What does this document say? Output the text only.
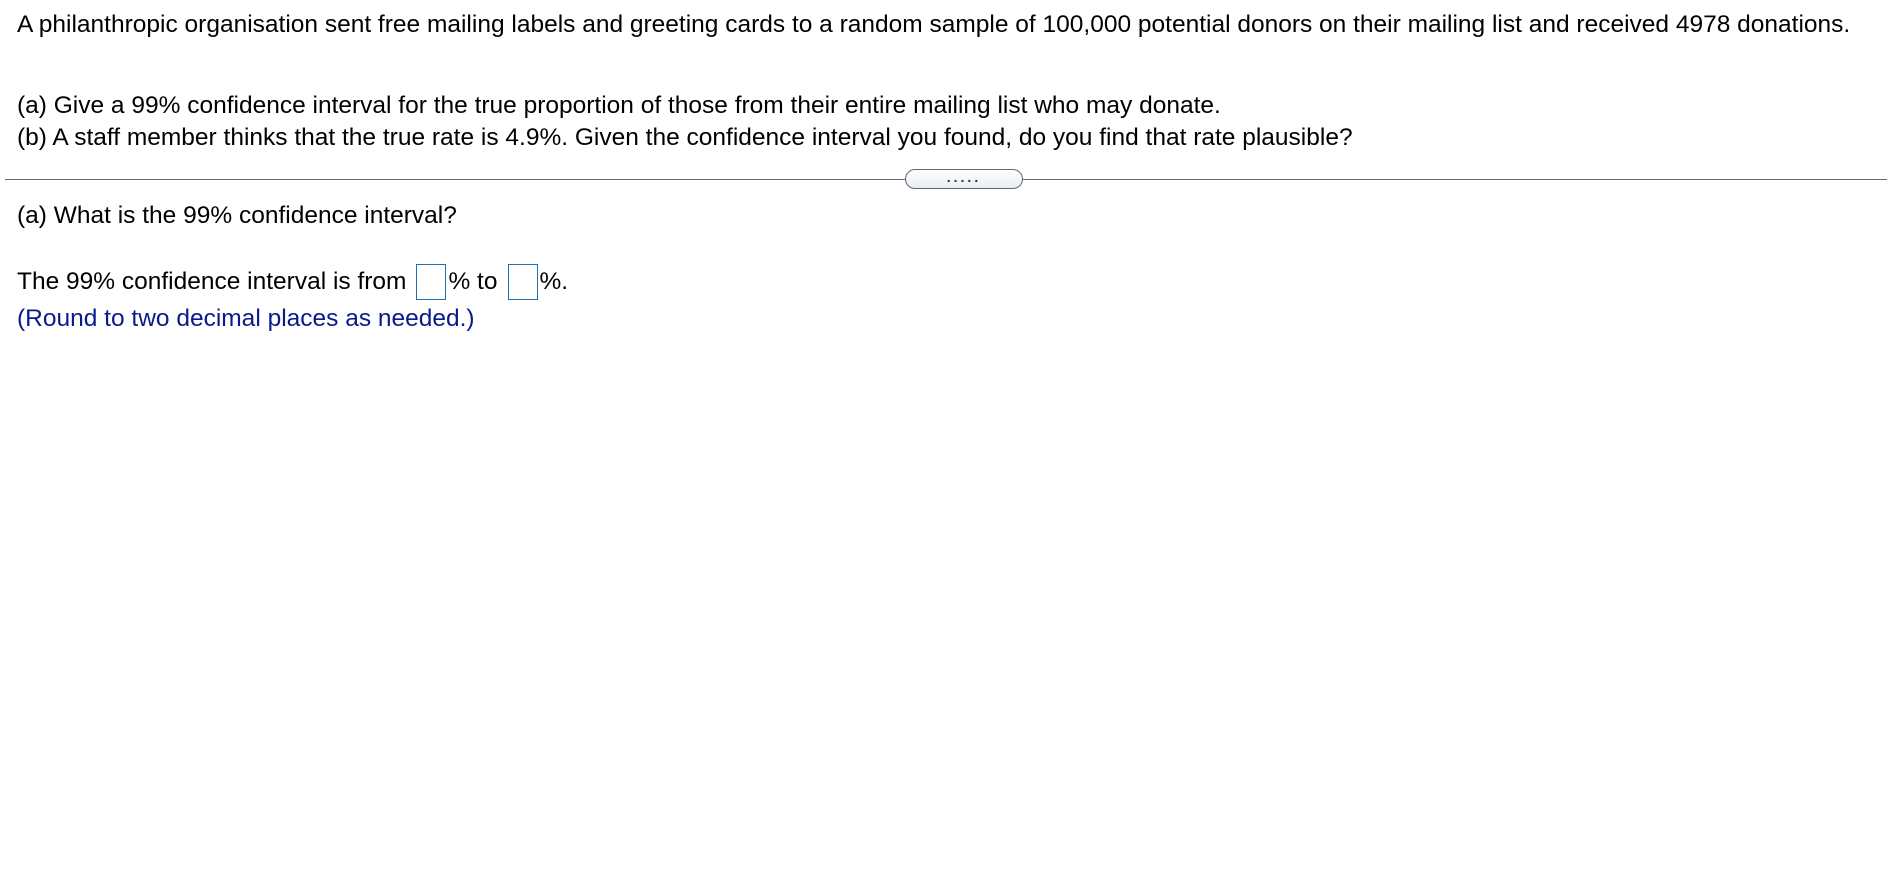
A philanthropic organisation sent free mailing labels and greeting cards to a random sample of 100,000 potential donors on their mailing list and received 4978 donations.

(a) Give a 99% confidence interval for the true proportion of those from their entire mailing list who may donate.
(b) A staff member thinks that the true rate is 4.9%. Given the confidence interval you found, do you find that rate plausible?
.....
(a) What is the 99% confidence interval?
The 99% confidence interval is from % to %.
(Round to two decimal places as needed.)
